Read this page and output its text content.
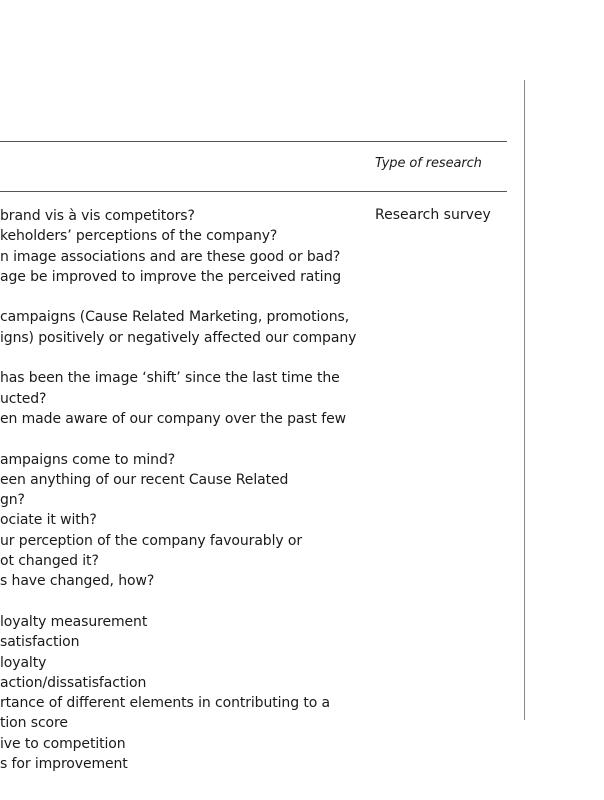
Type of research
Research survey
brand vis à vis competitors?
keholders’ perceptions of the company?
n image associations and are these good or bad?
age be improved to improve the perceived rating
campaigns (Cause Related Marketing, promotions,
igns) positively or negatively affected our company
has been the image ‘shift’ since the last time the
ucted?
en made aware of our company over the past few
ampaigns come to mind?
een anything of our recent Cause Related
gn?
ociate it with?
ur perception of the company favourably or
ot changed it?
s have changed, how?
loyalty measurement
satisfaction
loyalty
action/dissatisfaction
rtance of different elements in contributing to a
tion score
ive to competition
s for improvement
